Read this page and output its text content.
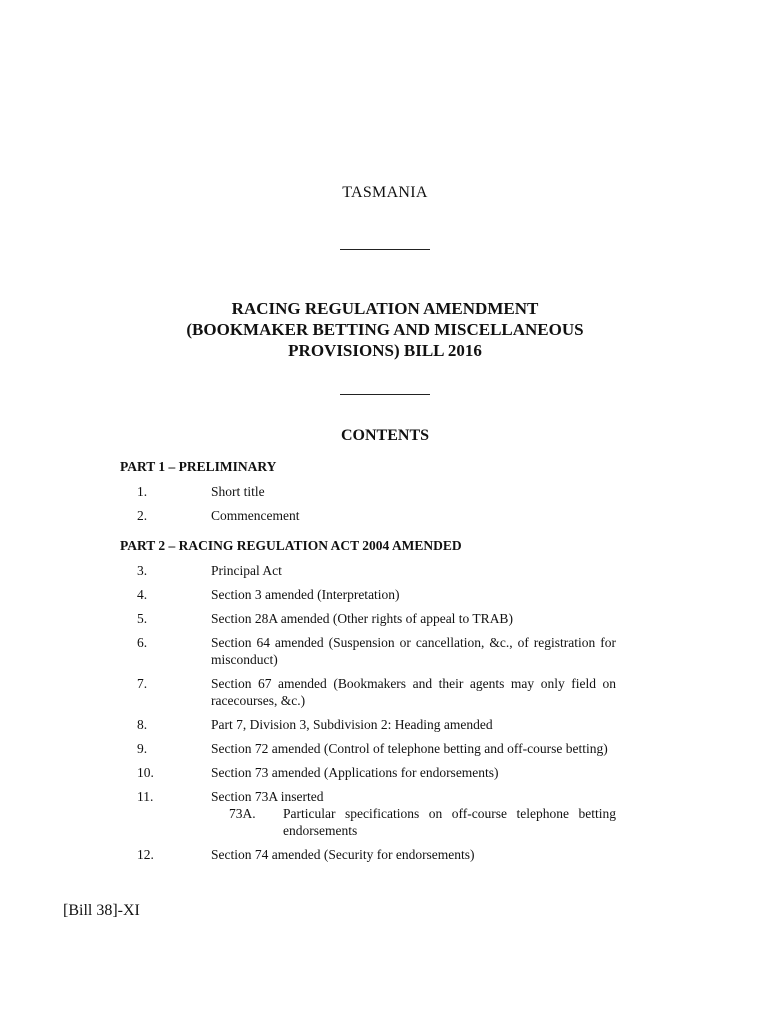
TASMANIA
RACING REGULATION AMENDMENT
(BOOKMAKER BETTING AND MISCELLANEOUS
PROVISIONS) BILL 2016
CONTENTS
PART 1 – PRELIMINARY
1.	Short title
2.	Commencement
PART 2 – RACING REGULATION ACT 2004 AMENDED
3.	Principal Act
4.	Section 3 amended (Interpretation)
5.	Section 28A amended (Other rights of appeal to TRAB)
6.	Section 64 amended (Suspension or cancellation, &c., of registration for misconduct)
7.	Section 67 amended (Bookmakers and their agents may only field on racecourses, &c.)
8.	Part 7, Division 3, Subdivision 2: Heading amended
9.	Section 72 amended (Control of telephone betting and off-course betting)
10.	Section 73 amended (Applications for endorsements)
11.	Section 73A inserted
73A.	Particular specifications on off-course telephone betting endorsements
12.	Section 74 amended (Security for endorsements)
[Bill 38]-XI
